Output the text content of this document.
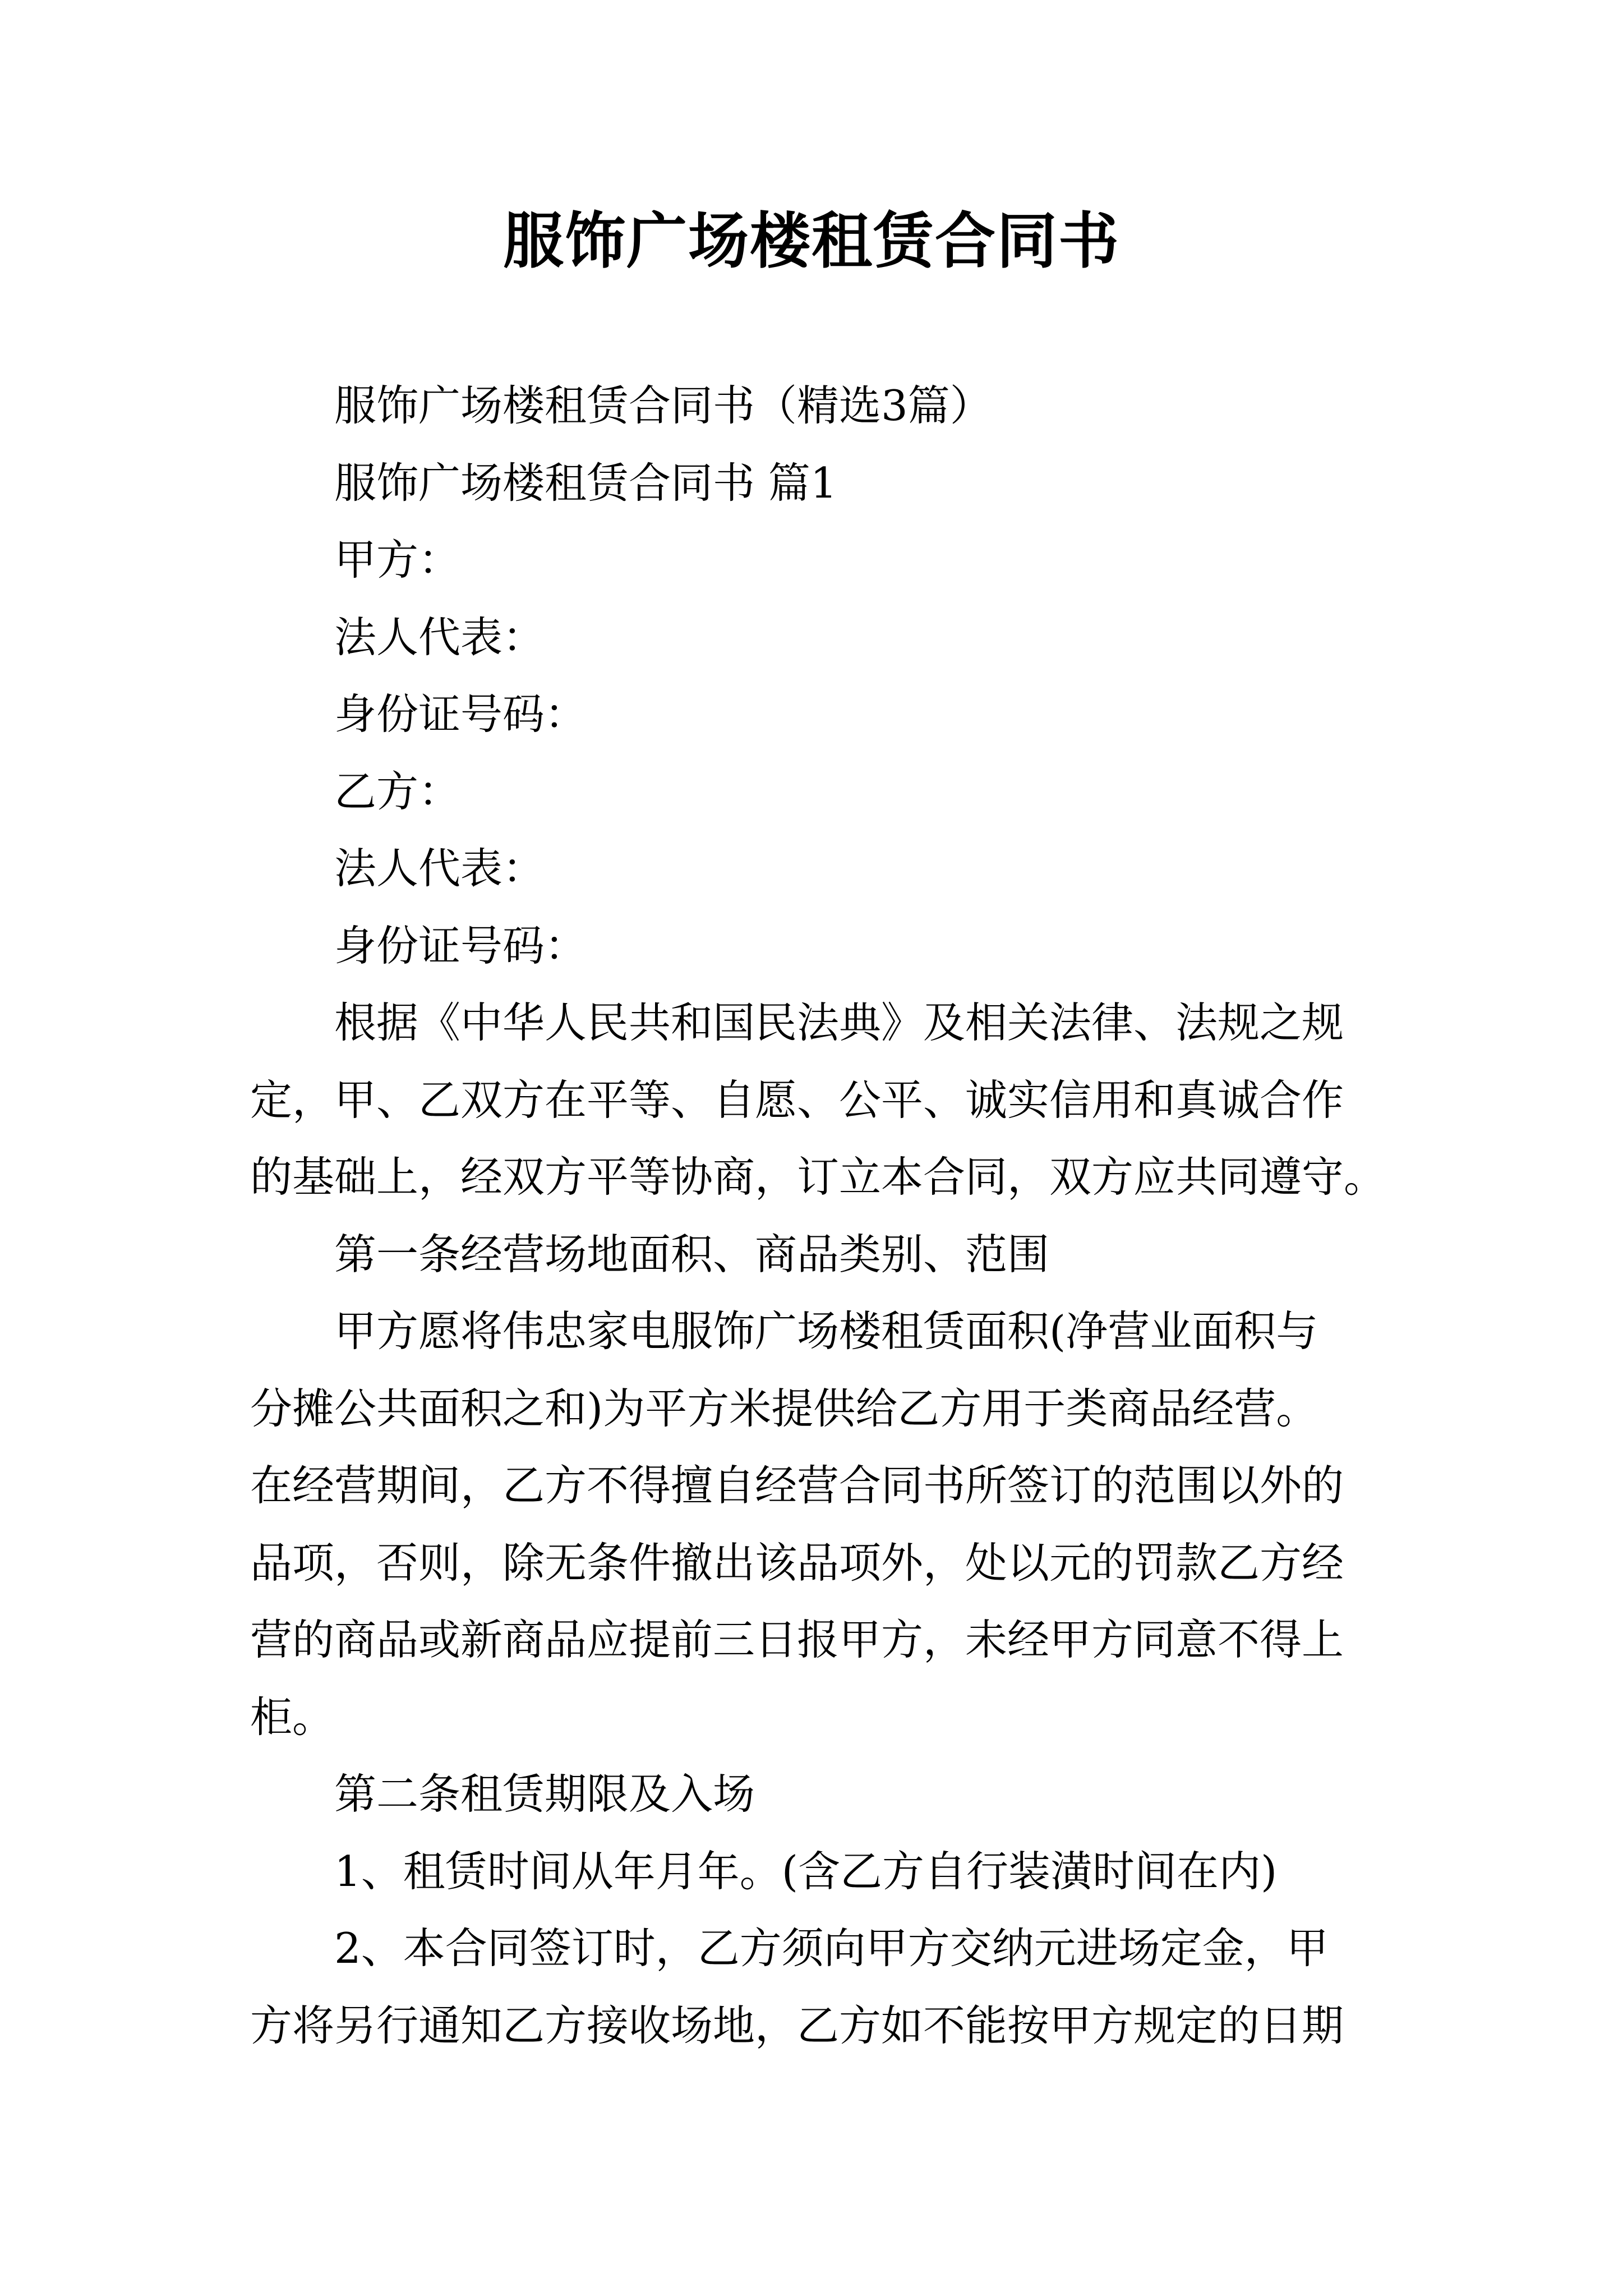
服饰广场楼租赁合同书
服饰广场楼租赁合同书（精选3篇）
服饰广场楼租赁合同书 篇1
甲方：
法人代表：
身份证号码：
乙方：
法人代表：
身份证号码：
根据《中华人民共和国民法典》及相关法律、法规之规
定，甲、乙双方在平等、自愿、公平、诚实信用和真诚合作
的基础上，经双方平等协商，订立本合同，双方应共同遵守。
第一条经营场地面积、商品类别、范围
甲方愿将伟忠家电服饰广场楼租赁面积(净营业面积与
分摊公共面积之和)为平方米提供给乙方用于类商品经营。
在经营期间，乙方不得擅自经营合同书所签订的范围以外的
品项，否则，除无条件撤出该品项外，处以元的罚款乙方经
营的商品或新商品应提前三日报甲方，未经甲方同意不得上
柜。
第二条租赁期限及入场
1、租赁时间从年月年。(含乙方自行装潢时间在内)
2、本合同签订时，乙方须向甲方交纳元进场定金，甲
方将另行通知乙方接收场地，乙方如不能按甲方规定的日期
